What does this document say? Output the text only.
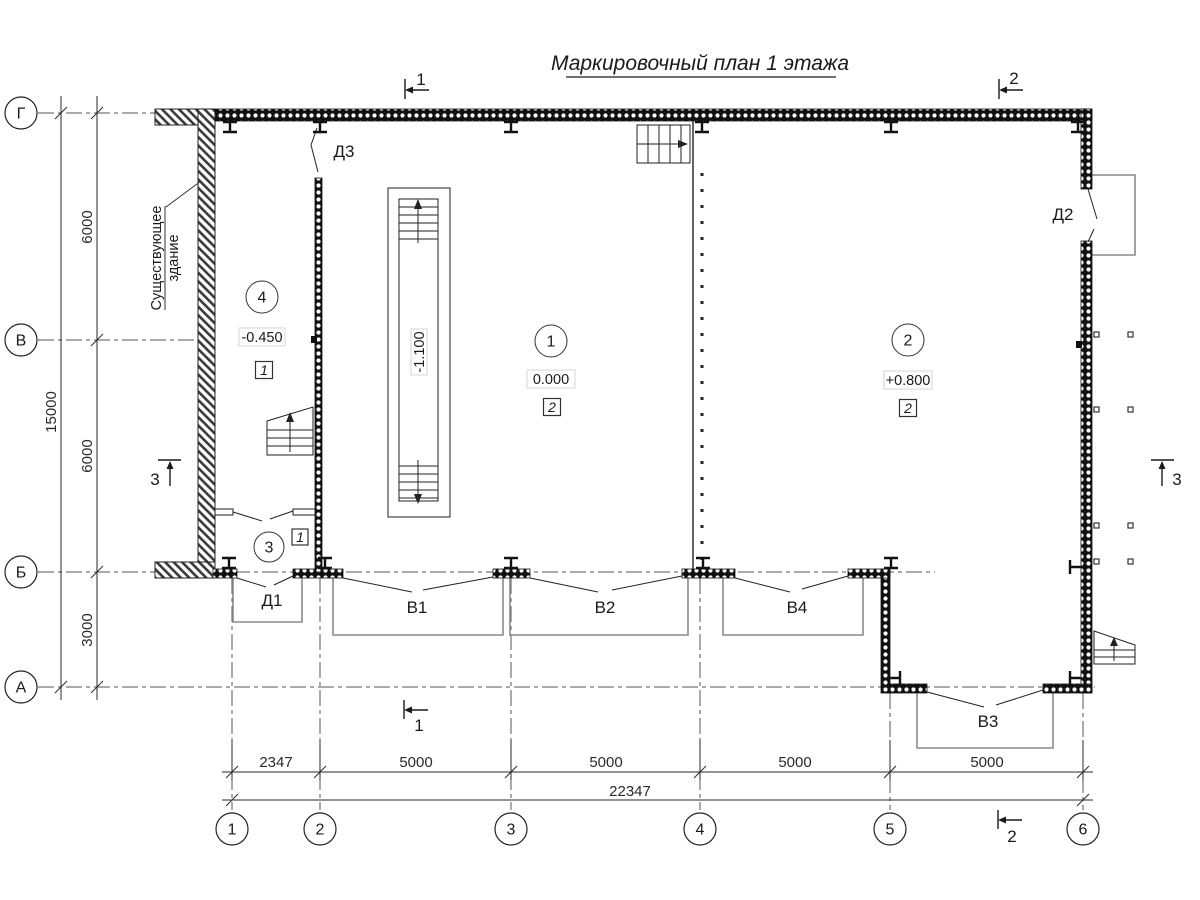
15000
6000
6000
3000
2347	5000	5000	5000	5000
22347
Г
В
Б
А
1	2	3	4	5	6
1	2
1
2
3	3
4
-0.450
1
1
0.000
2
2
+0.800
2
3
1
-1.100
Д3
Д1
Д2
В1	В2	В4
В3
Существующее здание
Маркировочный план 1 этажа
